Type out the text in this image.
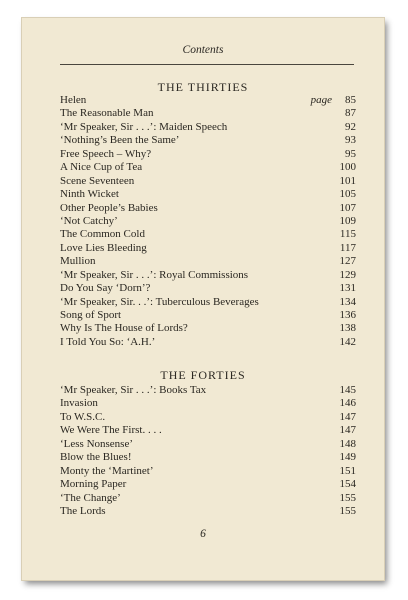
Contents
THE THIRTIES
Helen	page 85
The Reasonable Man	87
‘Mr Speaker, Sir . . .’: Maiden Speech	92
‘Nothing’s Been the Same’	93
Free Speech – Why?	95
A Nice Cup of Tea	100
Scene Seventeen	101
Ninth Wicket	105
Other People’s Babies	107
‘Not Catchy’	109
The Common Cold	115
Love Lies Bleeding	117
Mullion	127
‘Mr Speaker, Sir . . .’: Royal Commissions	129
Do You Say ‘Dorn’?	131
‘Mr Speaker, Sir. . .’: Tuberculous Beverages	134
Song of Sport	136
Why Is The House of Lords?	138
I Told You So: ‘A.H.’	142
THE FORTIES
‘Mr Speaker, Sir . . .’: Books Tax	145
Invasion	146
To W.S.C.	147
We Were The First. . . .	147
‘Less Nonsense’	148
Blow the Blues!	149
Monty the ‘Martinet’	151
Morning Paper	154
‘The Change’	155
The Lords	155
6
